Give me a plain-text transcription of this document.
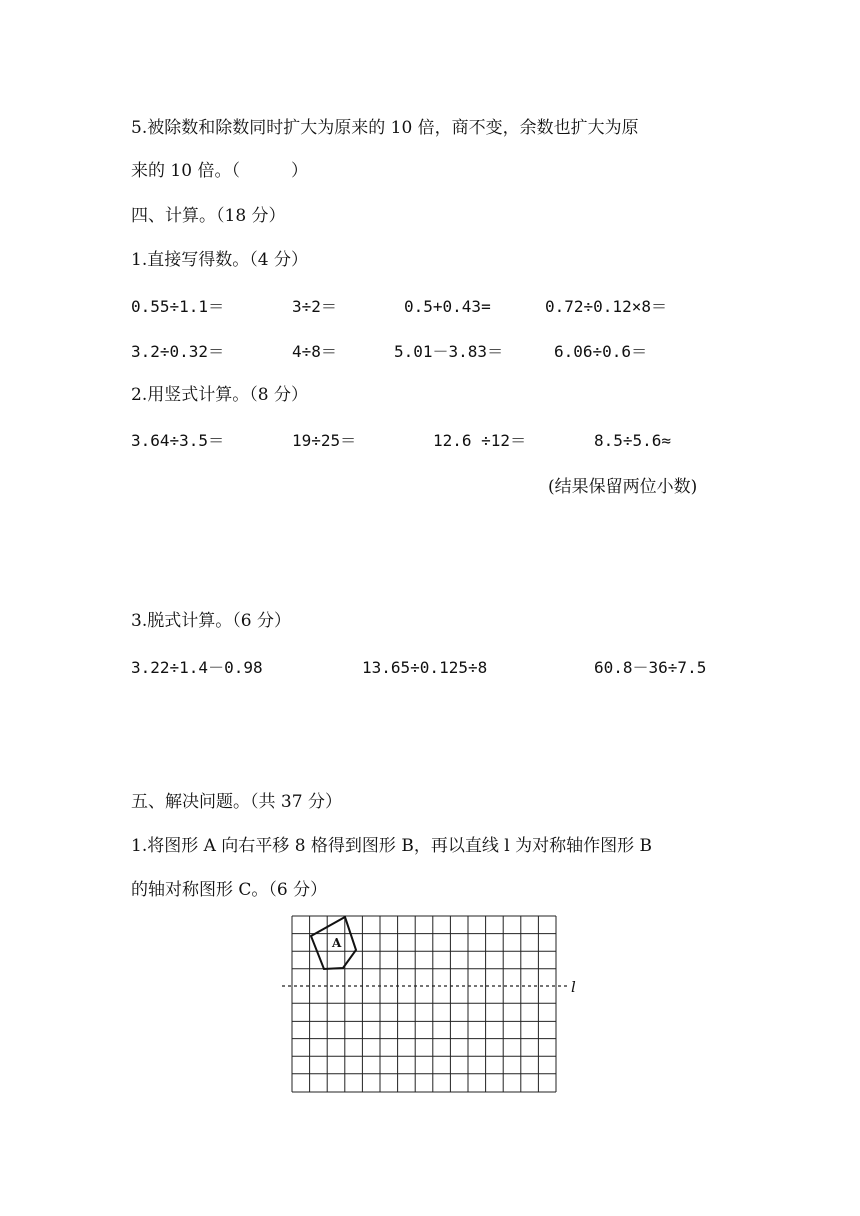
5.被除数和除数同时扩大为原来的 10 倍，商不变，余数也扩大为原
来的 10 倍。（　　　）
四、计算。（18 分）
1.直接写得数。（4 分）
0.55÷1.1＝	3÷2＝	0.5+0.43=	0.72÷0.12×8＝
3.2÷0.32＝	4÷8＝	5.01－3.83＝	6.06÷0.6＝
2.用竖式计算。（8 分）
3.64÷3.5＝	19÷25＝	12.6 ÷12＝	8.5÷5.6≈
(结果保留两位小数)
3.脱式计算。（6 分）
3.22÷1.4－0.98	13.65÷0.125÷8	60.8－36÷7.5
五、解决问题。（共 37 分）
1.将图形 A 向右平移 8 格得到图形 B，再以直线 l 为对称轴作图形 B
的轴对称图形 C。（6 分）
l
A
